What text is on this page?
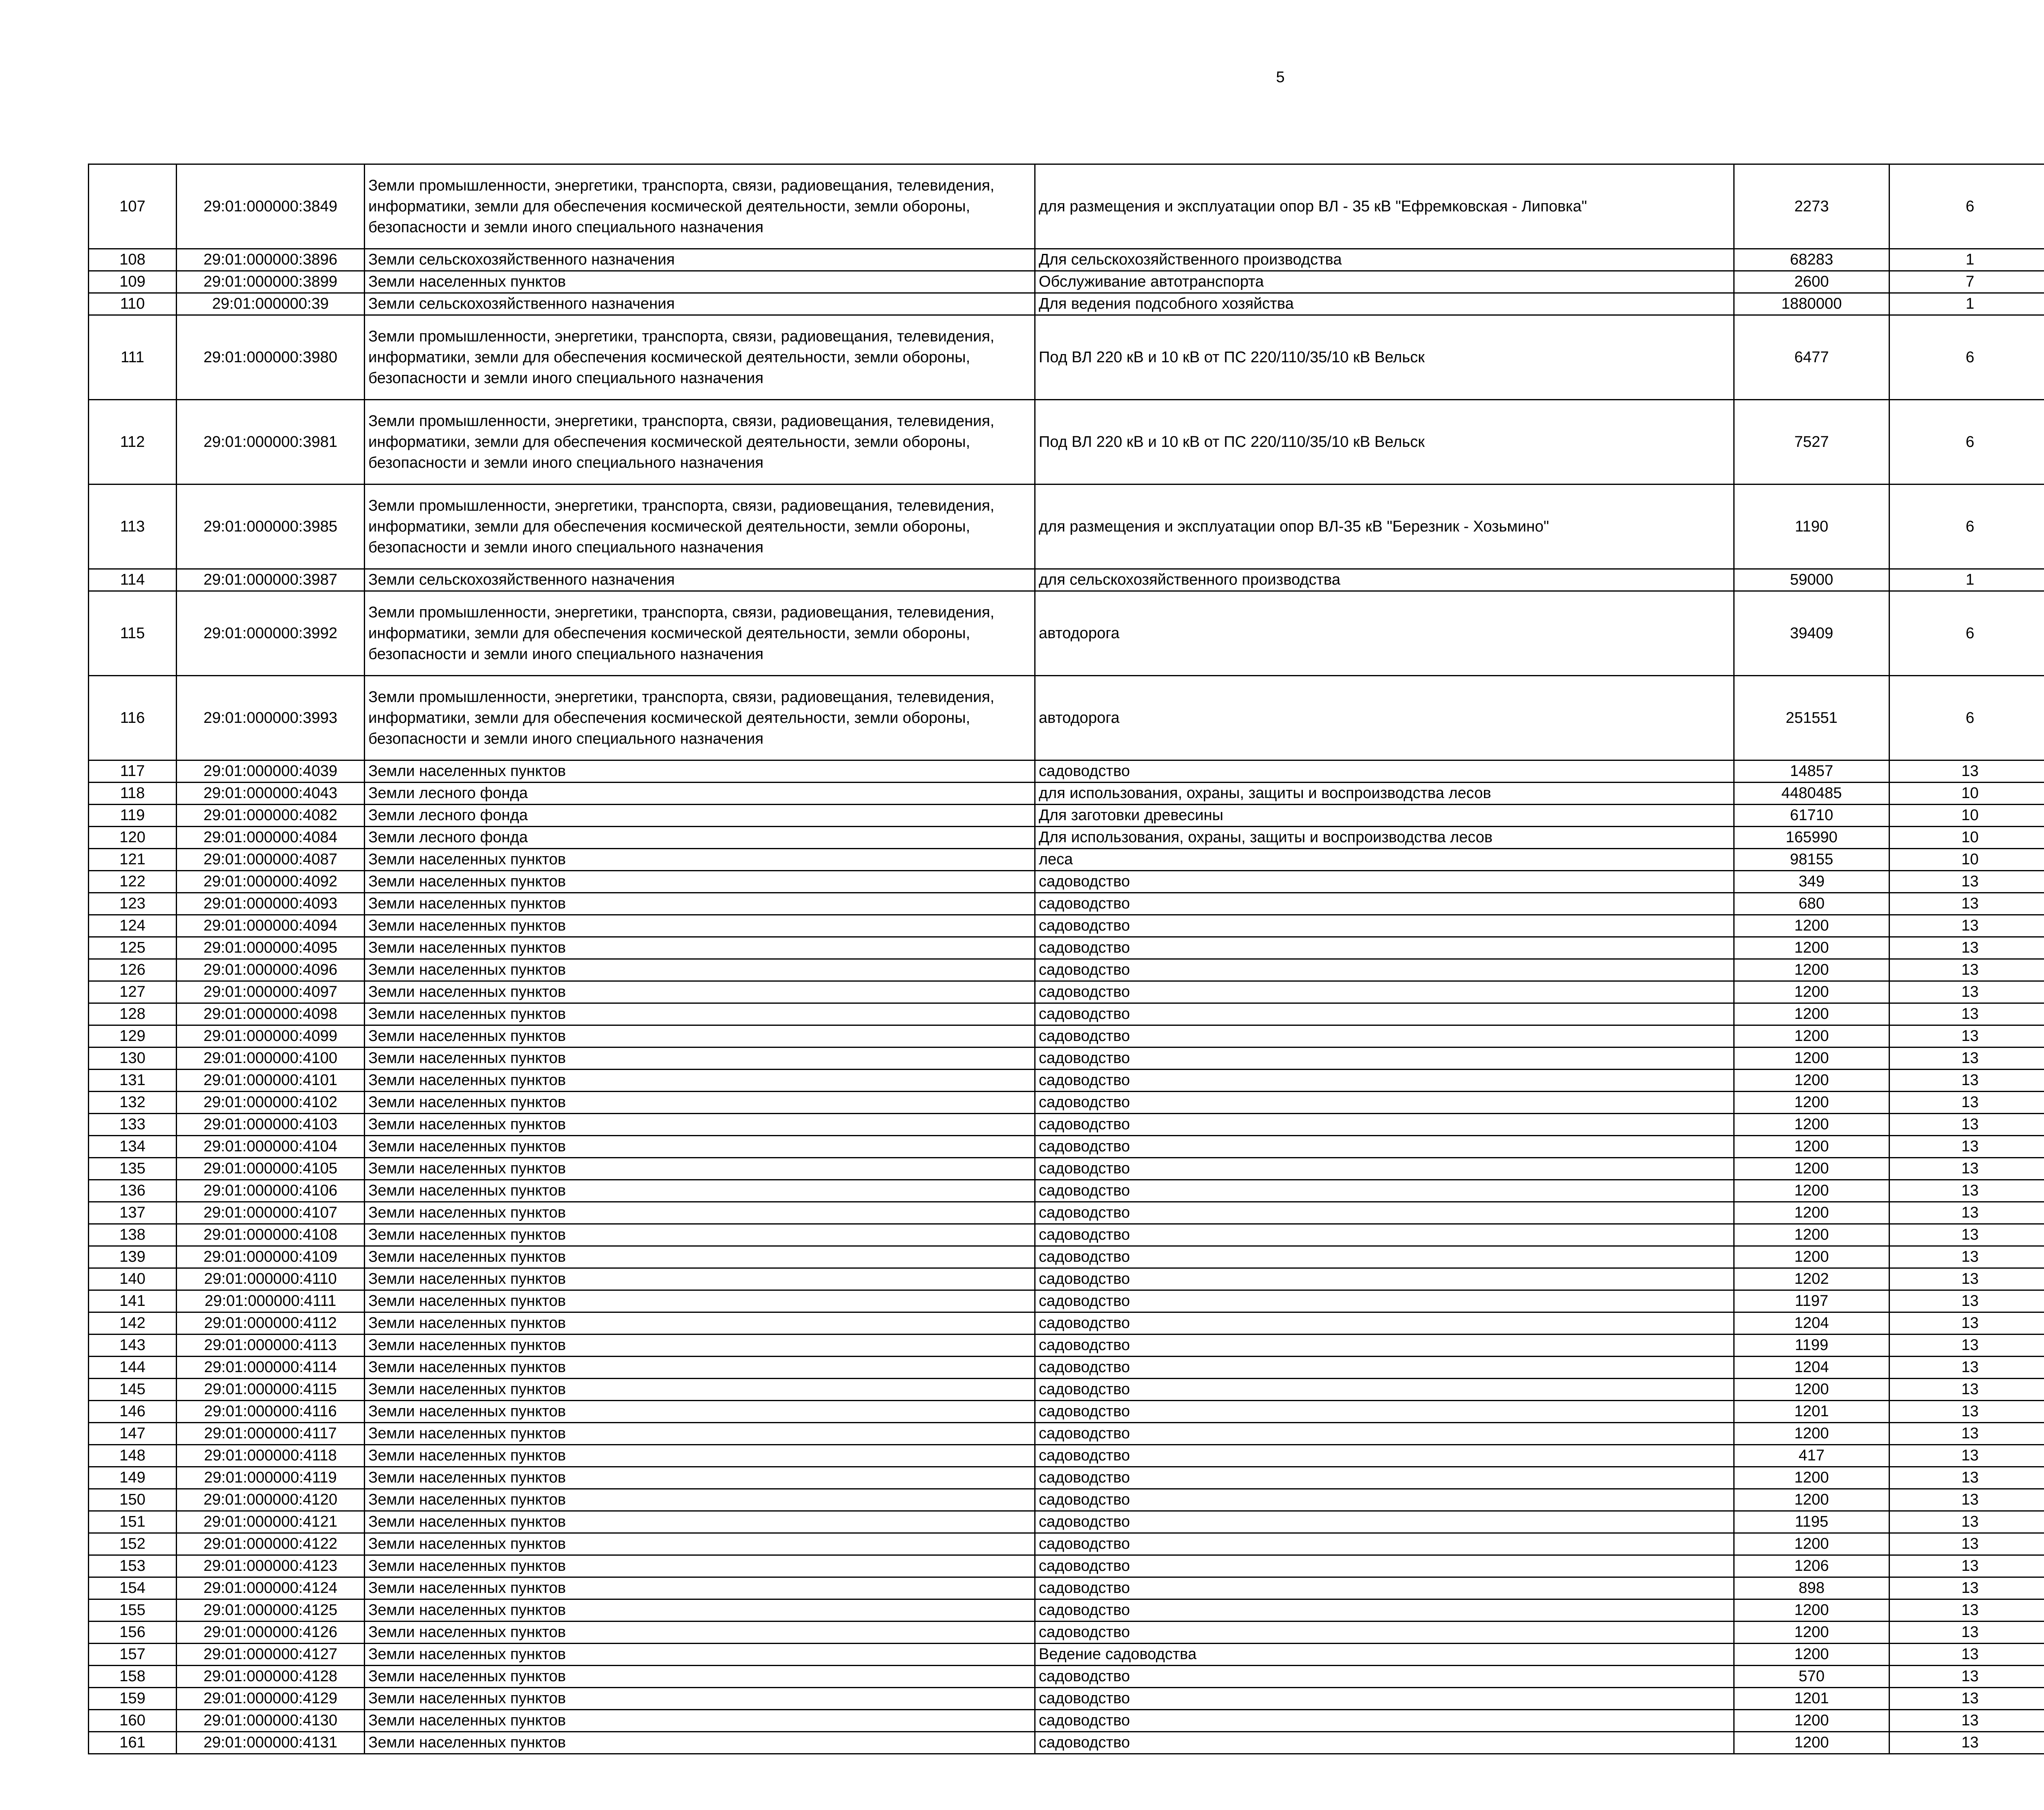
5
107	29:01:000000:3849	Земли промышленности, энергетики, транспорта, связи, радиовещания, телевидения, информатики, земли для обеспечения космической деятельности, земли обороны, безопасности и земли иного специального назначения	для размещения и эксплуатации опор ВЛ - 35 кВ "Ефремковская - Липовка"	2273	6		
108	29:01:000000:3896	Земли сельскохозяйственного назначения	Для сельскохозяйственного производства	68283	1		
109	29:01:000000:3899	Земли населенных пунктов	Обслуживание автотранспорта	2600	7		
110	29:01:000000:39	Земли сельскохозяйственного назначения	Для ведения подсобного хозяйства	1880000	1		
111	29:01:000000:3980	Земли промышленности, энергетики, транспорта, связи, радиовещания, телевидения, информатики, земли для обеспечения космической деятельности, земли обороны, безопасности и земли иного специального назначения	Под ВЛ 220 кВ и 10 кВ от ПС 220/110/35/10 кВ Вельск	6477	6		
112	29:01:000000:3981	Земли промышленности, энергетики, транспорта, связи, радиовещания, телевидения, информатики, земли для обеспечения космической деятельности, земли обороны, безопасности и земли иного специального назначения	Под ВЛ 220 кВ и 10 кВ от ПС 220/110/35/10 кВ Вельск	7527	6		
113	29:01:000000:3985	Земли промышленности, энергетики, транспорта, связи, радиовещания, телевидения, информатики, земли для обеспечения космической деятельности, земли обороны, безопасности и земли иного специального назначения	для размещения и эксплуатации опор ВЛ-35 кВ "Березник - Хозьмино"	1190	6		
114	29:01:000000:3987	Земли сельскохозяйственного назначения	для сельскохозяйственного производства	59000	1		
115	29:01:000000:3992	Земли промышленности, энергетики, транспорта, связи, радиовещания, телевидения, информатики, земли для обеспечения космической деятельности, земли обороны, безопасности и земли иного специального назначения	автодорога	39409	6		
116	29:01:000000:3993	Земли промышленности, энергетики, транспорта, связи, радиовещания, телевидения, информатики, земли для обеспечения космической деятельности, земли обороны, безопасности и земли иного специального назначения	автодорога	251551	6		
117	29:01:000000:4039	Земли населенных пунктов	садоводство	14857	13		
118	29:01:000000:4043	Земли лесного фонда	для использования, охраны, защиты и воспроизводства лесов	4480485	10		
119	29:01:000000:4082	Земли лесного фонда	Для заготовки древесины	61710	10		
120	29:01:000000:4084	Земли лесного фонда	Для использования, охраны, защиты и воспроизводства лесов	165990	10		
121	29:01:000000:4087	Земли населенных пунктов	леса	98155	10		
122	29:01:000000:4092	Земли населенных пунктов	садоводство	349	13		
123	29:01:000000:4093	Земли населенных пунктов	садоводство	680	13		
124	29:01:000000:4094	Земли населенных пунктов	садоводство	1200	13		
125	29:01:000000:4095	Земли населенных пунктов	садоводство	1200	13		
126	29:01:000000:4096	Земли населенных пунктов	садоводство	1200	13		
127	29:01:000000:4097	Земли населенных пунктов	садоводство	1200	13		
128	29:01:000000:4098	Земли населенных пунктов	садоводство	1200	13		
129	29:01:000000:4099	Земли населенных пунктов	садоводство	1200	13		
130	29:01:000000:4100	Земли населенных пунктов	садоводство	1200	13		
131	29:01:000000:4101	Земли населенных пунктов	садоводство	1200	13		
132	29:01:000000:4102	Земли населенных пунктов	садоводство	1200	13		
133	29:01:000000:4103	Земли населенных пунктов	садоводство	1200	13		
134	29:01:000000:4104	Земли населенных пунктов	садоводство	1200	13		
135	29:01:000000:4105	Земли населенных пунктов	садоводство	1200	13		
136	29:01:000000:4106	Земли населенных пунктов	садоводство	1200	13		
137	29:01:000000:4107	Земли населенных пунктов	садоводство	1200	13		
138	29:01:000000:4108	Земли населенных пунктов	садоводство	1200	13		
139	29:01:000000:4109	Земли населенных пунктов	садоводство	1200	13		
140	29:01:000000:4110	Земли населенных пунктов	садоводство	1202	13		
141	29:01:000000:4111	Земли населенных пунктов	садоводство	1197	13		
142	29:01:000000:4112	Земли населенных пунктов	садоводство	1204	13		
143	29:01:000000:4113	Земли населенных пунктов	садоводство	1199	13		
144	29:01:000000:4114	Земли населенных пунктов	садоводство	1204	13		
145	29:01:000000:4115	Земли населенных пунктов	садоводство	1200	13		
146	29:01:000000:4116	Земли населенных пунктов	садоводство	1201	13		
147	29:01:000000:4117	Земли населенных пунктов	садоводство	1200	13		
148	29:01:000000:4118	Земли населенных пунктов	садоводство	417	13		
149	29:01:000000:4119	Земли населенных пунктов	садоводство	1200	13		
150	29:01:000000:4120	Земли населенных пунктов	садоводство	1200	13		
151	29:01:000000:4121	Земли населенных пунктов	садоводство	1195	13		
152	29:01:000000:4122	Земли населенных пунктов	садоводство	1200	13		
153	29:01:000000:4123	Земли населенных пунктов	садоводство	1206	13		
154	29:01:000000:4124	Земли населенных пунктов	садоводство	898	13		
155	29:01:000000:4125	Земли населенных пунктов	садоводство	1200	13		
156	29:01:000000:4126	Земли населенных пунктов	садоводство	1200	13		
157	29:01:000000:4127	Земли населенных пунктов	Ведение садоводства	1200	13		
158	29:01:000000:4128	Земли населенных пунктов	садоводство	570	13		
159	29:01:000000:4129	Земли населенных пунктов	садоводство	1201	13		
160	29:01:000000:4130	Земли населенных пунктов	садоводство	1200	13		
161	29:01:000000:4131	Земли населенных пунктов	садоводство	1200	13		
